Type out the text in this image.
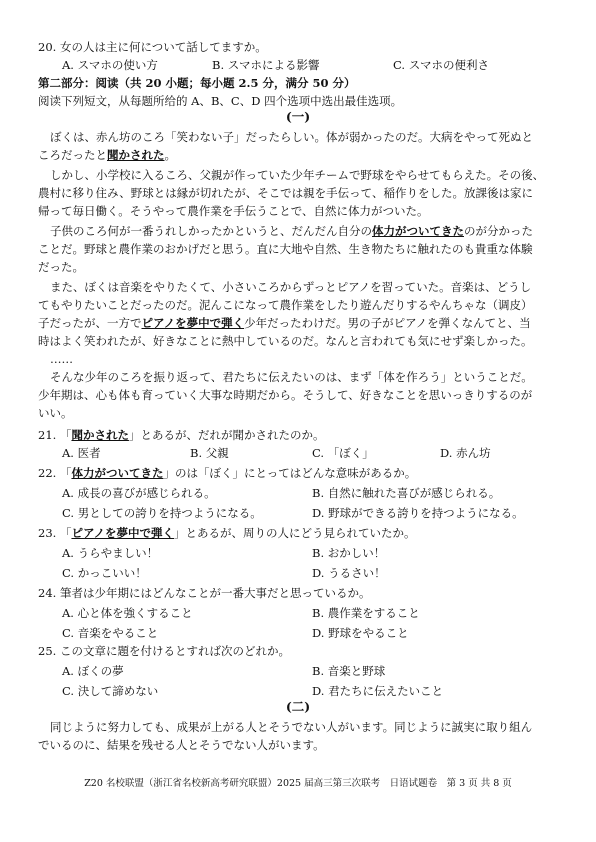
20. 女の人は主に何について話してますか。
A. スマホの使い方	B. スマホによる影響	C. スマホの便利さ
第二部分：阅读（共 20 小题；每小题 2.5 分，满分 50 分）
阅读下列短文，从每题所给的 A、B、C、D 四个选项中选出最佳选项。
(一)
ぼくは、赤ん坊のころ「笑わない子」だったらしい。体が弱かったのだ。大病をやって死ぬと
ころだったと聞かされた。
しかし、小学校に入るころ、父親が作っていた少年チームで野球をやらせてもらえた。その後、
農村に移り住み、野球とは縁が切れたが、そこでは親を手伝って、稲作りをした。放課後は家に
帰って毎日働く。そうやって農作業を手伝うことで、自然に体力がついた。
子供のころ何が一番うれしかったかというと、だんだん自分の体力がついてきたのが分かった
ことだ。野球と農作業のおかげだと思う。直に大地や自然、生き物たちに触れたのも貴重な体験
だった。
また、ぼくは音楽をやりたくて、小さいころからずっとピアノを習っていた。音楽は、どうし
てもやりたいことだったのだ。泥んこになって農作業をしたり遊んだりするやんちゃな（调皮）
子だったが、一方でピアノを夢中で弾く少年だったわけだ。男の子がピアノを弾くなんてと、当
時はよく笑われたが、好きなことに熱中しているのだ。なんと言われても気にせず楽しかった。
……
そんな少年のころを振り返って、君たちに伝えたいのは、まず「体を作ろう」ということだ。
少年期は、心も体も育っていく大事な時期だから。そうして、好きなことを思いっきりするのが
いい。
21. 「聞かされた」とあるが、だれが聞かされたのか。
A. 医者	B. 父親	C. 「ぼく」	D. 赤ん坊
22. 「体力がついてきた」のは「ぼく」にとってはどんな意味があるか。
A. 成長の喜びが感じられる。	B. 自然に触れた喜びが感じられる。
C. 男としての誇りを持つようになる。	D. 野球ができる誇りを持つようになる。
23. 「ピアノを夢中で弾く」とあるが、周りの人にどう見られていたか。
A. うらやましい！	B. おかしい！
C. かっこいい！	D. うるさい！
24. 筆者は少年期にはどんなことが一番大事だと思っているか。
A. 心と体を強くすること	B. 農作業をすること
C. 音楽をやること	D. 野球をやること
25. この文章に題を付けるとすれば次のどれか。
A. ぼくの夢	B. 音楽と野球
C. 決して諦めない	D. 君たちに伝えたいこと
(二)
同じように努力しても、成果が上がる人とそうでない人がいます。同じように誠実に取り組ん
でいるのに、結果を残せる人とそうでない人がいます。
Z20 名校联盟（浙江省名校新高考研究联盟）2025 届高三第三次联考　日语试题卷　第 3 页 共 8 页
